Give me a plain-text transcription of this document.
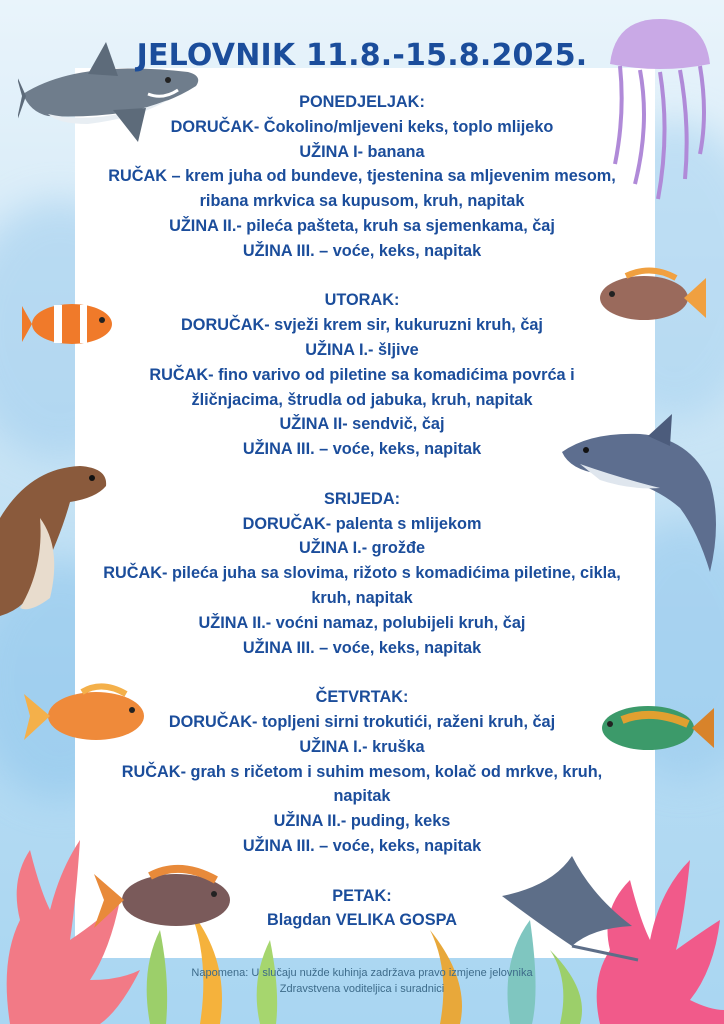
JELOVNIK 11.8.-15.8.2025.
PONEDJELJAK:
DORUČAK- Čokolino/mljeveni keks, toplo mlijeko
UŽINA I- banana
RUČAK – krem juha od bundeve, tjestenina sa mljevenim mesom,
ribana mrkvica sa kupusom, kruh, napitak
UŽINA II.- pileća pašteta, kruh sa sjemenkama, čaj
UŽINA III. – voće, keks, napitak
UTORAK:
DORUČAK- svježi krem sir, kukuruzni kruh, čaj
UŽINA I.- šljive
RUČAK- fino varivo od piletine sa komadićima povrća i
žličnjacima, štrudla od jabuka, kruh, napitak
UŽINA II- sendvič, čaj
UŽINA III. – voće, keks, napitak
SRIJEDA:
DORUČAK- palenta s mlijekom
UŽINA I.- grožđe
RUČAK- pileća juha sa slovima, rižoto s komadićima piletine, cikla,
kruh, napitak
UŽINA II.- voćni namaz, polubijeli kruh, čaj
UŽINA III. – voće, keks, napitak
ČETVRTAK:
DORUČAK- topljeni sirni trokutići, raženi kruh, čaj
UŽINA I.- kruška
RUČAK- grah s ričetom i suhim mesom, kolač od mrkve, kruh,
napitak
UŽINA II.- puding, keks
UŽINA III. – voće, keks, napitak
PETAK:
Blagdan VELIKA GOSPA
Napomena: U slučaju nužde kuhinja zadržava pravo izmjene jelovnika
Zdravstvena voditeljica i suradnici
